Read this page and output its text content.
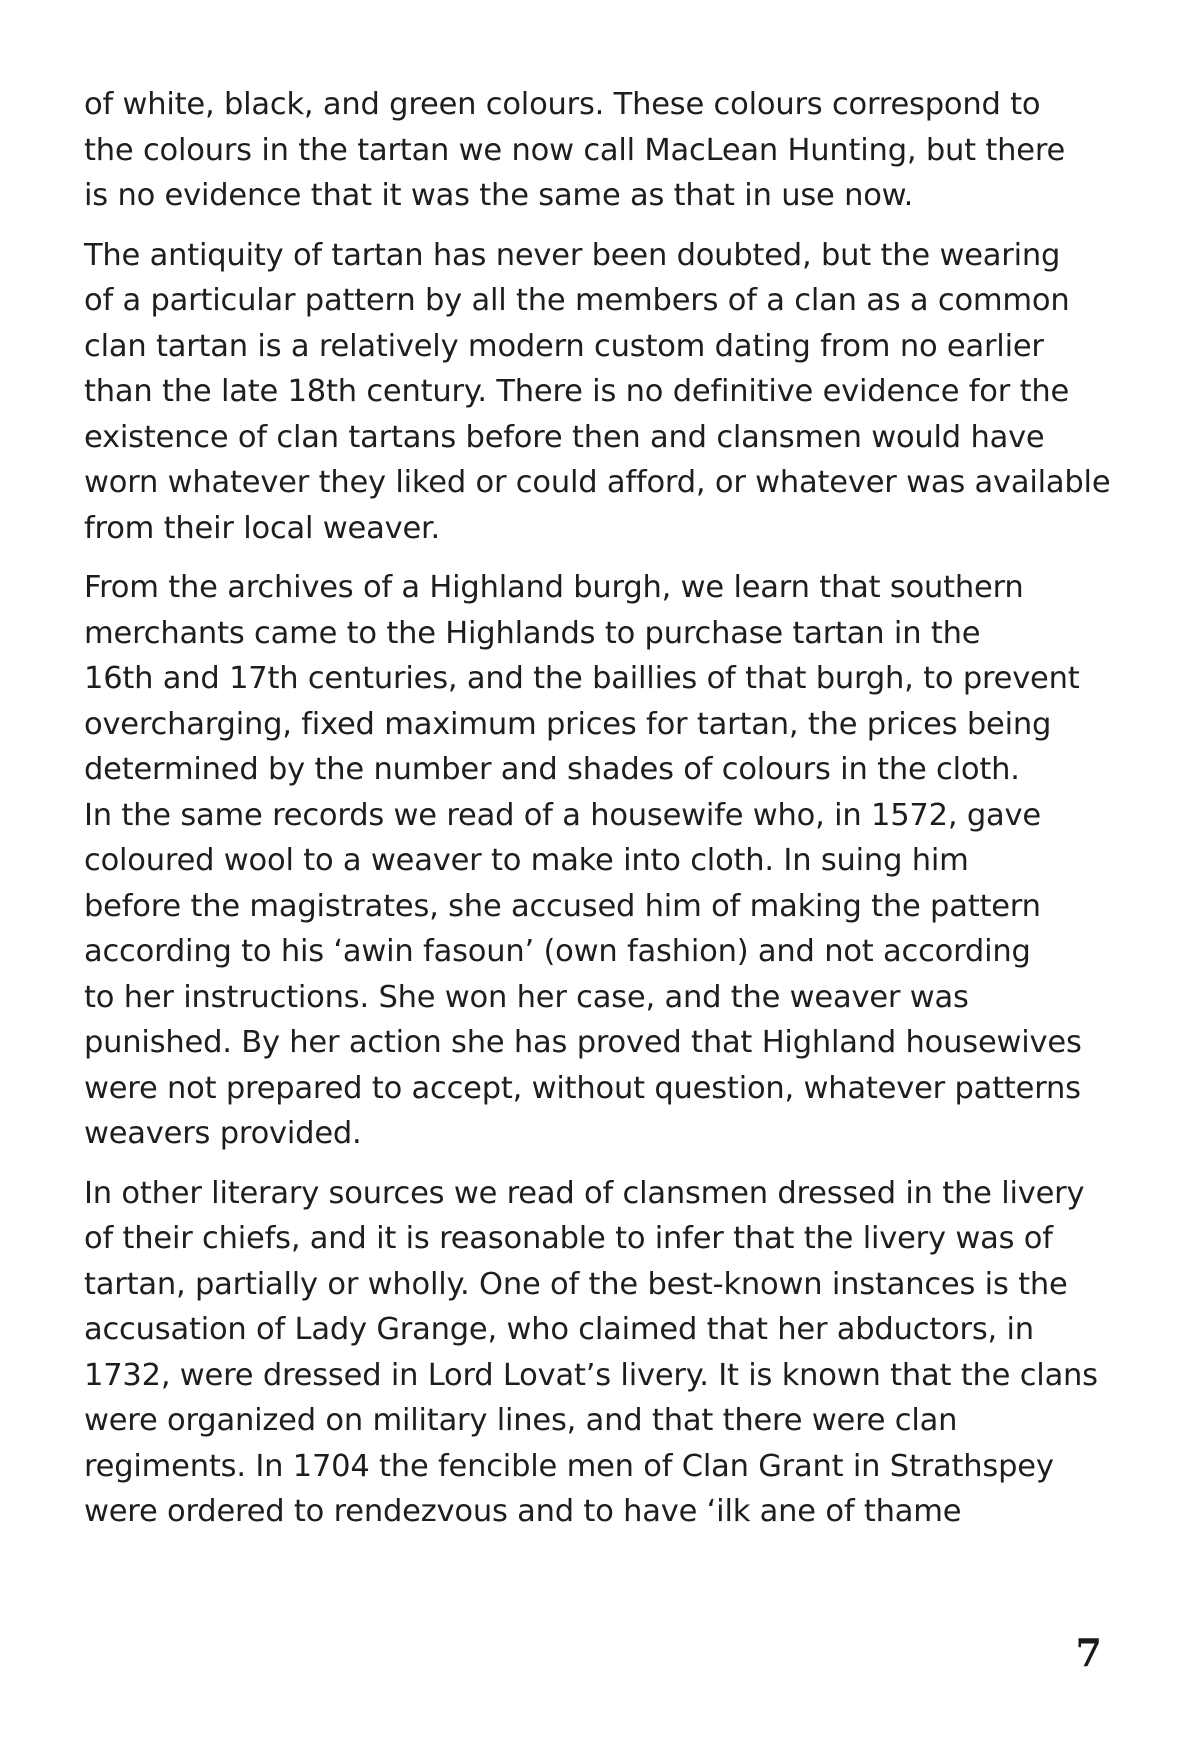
of white, black, and green colours. These colours correspond to
the colours in the tartan we now call MacLean Hunting, but there
is no evidence that it was the same as that in use now.

The antiquity of tartan has never been doubted, but the wearing
of a particular pattern by all the members of a clan as a common
clan tartan is a relatively modern custom dating from no earlier
than the late 18th century. There is no definitive evidence for the
existence of clan tartans before then and clansmen would have
worn whatever they liked or could afford, or whatever was available
from their local weaver.

From the archives of a Highland burgh, we learn that southern
merchants came to the Highlands to purchase tartan in the
16th and 17th centuries, and the baillies of that burgh, to prevent
overcharging, fixed maximum prices for tartan, the prices being
determined by the number and shades of colours in the cloth.
In the same records we read of a housewife who, in 1572, gave
coloured wool to a weaver to make into cloth. In suing him
before the magistrates, she accused him of making the pattern
according to his ‘awin fasoun’ (own fashion) and not according
to her instructions. She won her case, and the weaver was
punished. By her action she has proved that Highland housewives
were not prepared to accept, without question, whatever patterns
weavers provided.

In other literary sources we read of clansmen dressed in the livery
of their chiefs, and it is reasonable to infer that the livery was of
tartan, partially or wholly. One of the best-known instances is the
accusation of Lady Grange, who claimed that her abductors, in
1732, were dressed in Lord Lovat’s livery. It is known that the clans
were organized on military lines, and that there were clan
regiments. In 1704 the fencible men of Clan Grant in Strathspey
were ordered to rendezvous and to have ‘ilk ane of thame

7
